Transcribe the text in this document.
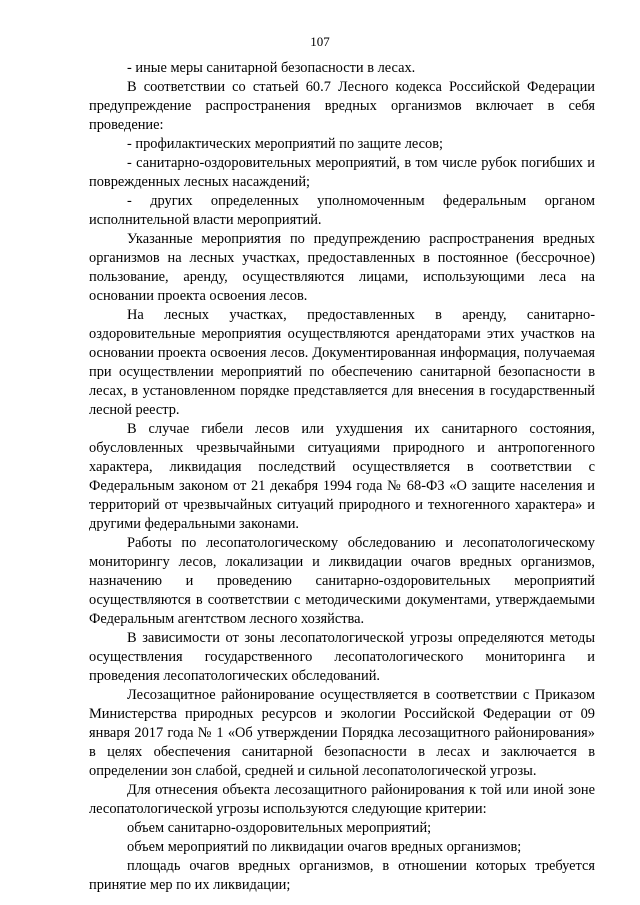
107

- иные меры санитарной безопасности в лесах.

В соответствии со статьей 60.7 Лесного кодекса Российской Федерации предупреждение распространения вредных организмов включает в себя проведение:

- профилактических мероприятий по защите лесов;

- санитарно-оздоровительных мероприятий, в том числе рубок погибших и поврежденных лесных насаждений;

- других определенных уполномоченным федеральным органом исполнительной власти мероприятий.

Указанные мероприятия по предупреждению распространения вредных организмов на лесных участках, предоставленных в постоянное (бессрочное) пользование, аренду, осуществляются лицами, использующими леса на основании проекта освоения лесов.

На лесных участках, предоставленных в аренду, санитарно-оздоровительные мероприятия осуществляются арендаторами этих участков на основании проекта освоения лесов. Документированная информация, получаемая при осуществлении мероприятий по обеспечению санитарной безопасности в лесах, в установленном порядке представляется для внесения в государственный лесной реестр.

В случае гибели лесов или ухудшения их санитарного состояния, обусловленных чрезвычайными ситуациями природного и антропогенного характера, ликвидация последствий осуществляется в соответствии с Федеральным законом от 21 декабря 1994 года № 68-ФЗ «О защите населения и территорий от чрезвычайных ситуаций природного и техногенного характера» и другими федеральными законами.

Работы по лесопатологическому обследованию и лесопатологическому мониторингу лесов, локализации и ликвидации очагов вредных организмов, назначению и проведению санитарно-оздоровительных мероприятий осуществляются в соответствии с методическими документами, утверждаемыми Федеральным агентством лесного хозяйства.

В зависимости от зоны лесопатологической угрозы определяются методы осуществления государственного лесопатологического мониторинга и проведения лесопатологических обследований.

Лесозащитное районирование осуществляется в соответствии с Приказом Министерства природных ресурсов и экологии Российской Федерации от 09 января 2017 года № 1 «Об утверждении Порядка лесозащитного районирования» в целях обеспечения санитарной безопасности в лесах и заключается в определении зон слабой, средней и сильной лесопатологической угрозы.

Для отнесения объекта лесозащитного районирования к той или иной зоне лесопатологической угрозы используются следующие критерии:

объем санитарно-оздоровительных мероприятий;

объем мероприятий по ликвидации очагов вредных организмов;

площадь очагов вредных организмов, в отношении которых требуется принятие мер по их ликвидации;
